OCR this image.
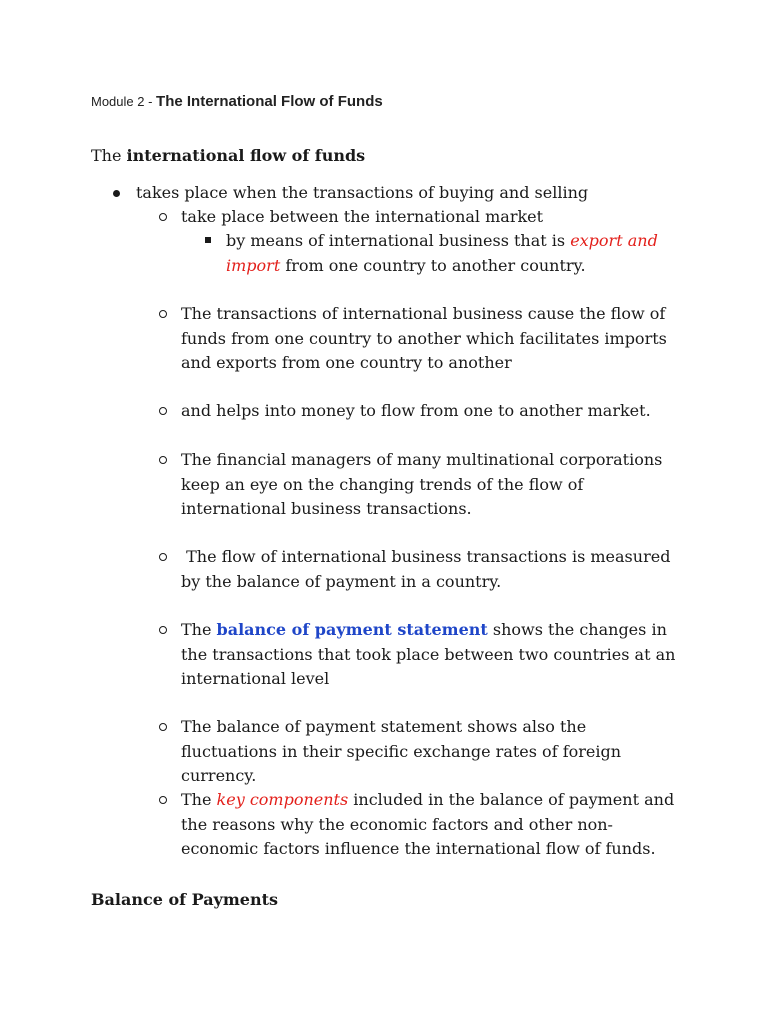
Module 2 - The International Flow of Funds
The international flow of funds
takes place when the transactions of buying and selling
take place between the international market
by means of international business that is export and import from one country to another country.
The transactions of international business cause the flow of funds from one country to another which facilitates imports and exports from one country to another
and helps into money to flow from one to another market.
The financial managers of many multinational corporations keep an eye on the changing trends of the flow of international business transactions.
The flow of international business transactions is measured by the balance of payment in a country.
The balance of payment statement shows the changes in the transactions that took place between two countries at an international level
The balance of payment statement shows also the fluctuations in their specific exchange rates of foreign currency.
The key components included in the balance of payment and the reasons why the economic factors and other non-economic factors influence the international flow of funds.
Balance of Payments
